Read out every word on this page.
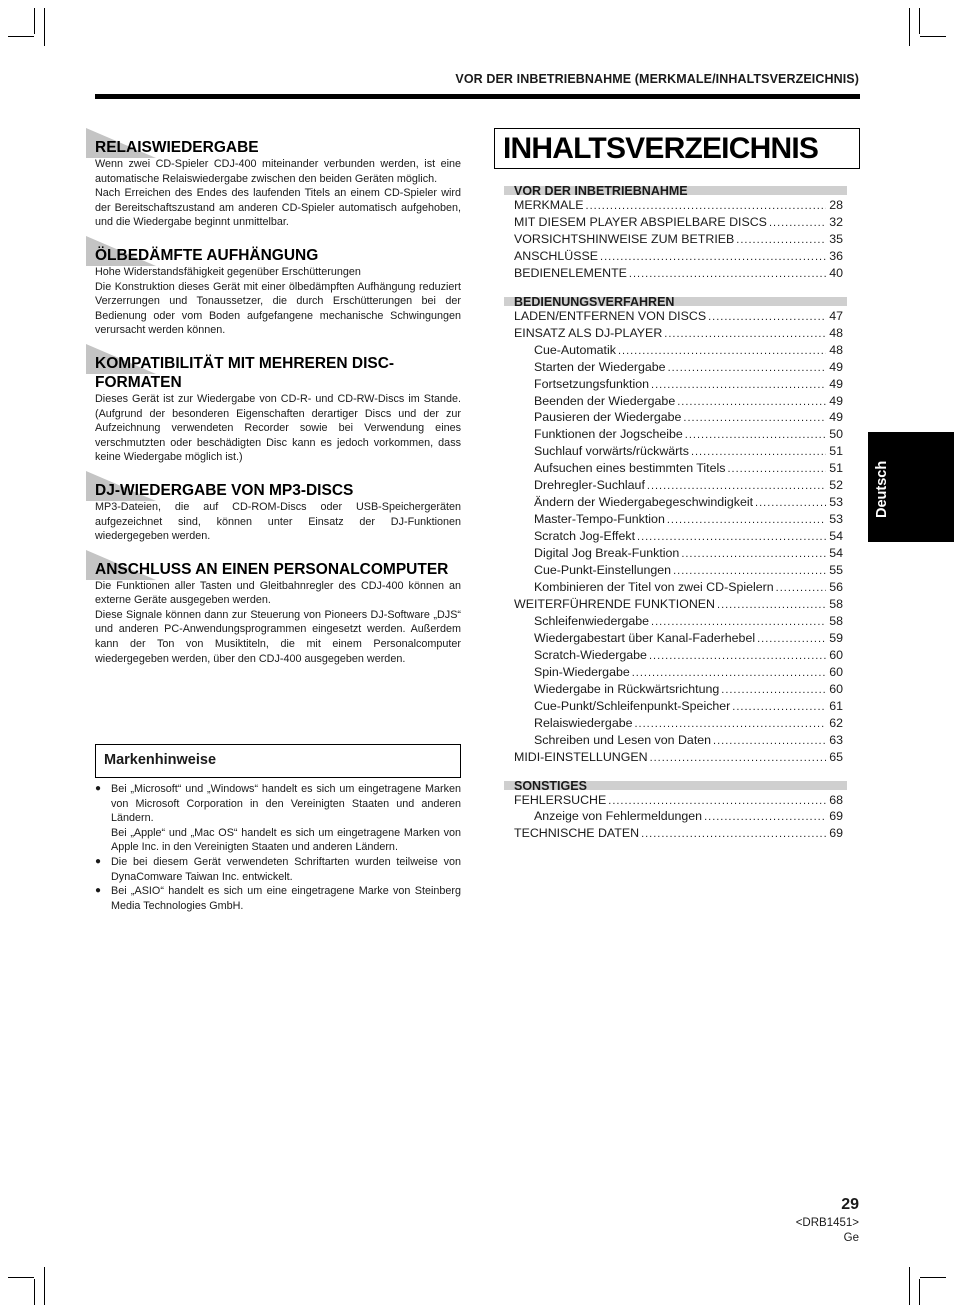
VOR DER INBETRIEBNAHME (MERKMALE/INHALTSVERZEICHNIS)
RELAISWIEDERGABE

Wenn zwei CD-Spieler CDJ-400 miteinander verbunden werden, ist eine automatische Relaiswiedergabe zwischen den beiden Geräten möglich.

Nach Erreichen des Endes des laufenden Titels an einem CD-Spieler wird der Bereitschaftszustand am anderen CD-Spieler automatisch aufgehoben, und die Wiedergabe beginnt unmittelbar.

ÖLBEDÄMFTE AUFHÄNGUNG

Hohe Widerstandsfähigkeit gegenüber Erschütterungen

Die Konstruktion dieses Gerät mit einer ölbedämpften Aufhängung reduziert Verzerrungen und Tonaussetzer, die durch Erschütterungen bei der Bedienung oder vom Boden aufgefangene mechanische Schwingungen verursacht werden können.

KOMPATIBILITÄT MIT MEHREREN DISC-FORMATEN

Dieses Gerät ist zur Wiedergabe von CD-R- und CD-RW-Discs im Stande. (Aufgrund der besonderen Eigenschaften derartiger Discs und der zur Aufzeichnung verwendeten Recorder sowie bei Verwendung eines verschmutzten oder beschädigten Disc kann es jedoch vorkommen, dass keine Wiedergabe möglich ist.)

DJ-WIEDERGABE VON MP3-DISCS

MP3-Dateien, die auf CD-ROM-Discs oder USB-Speichergeräten aufgezeichnet sind, können unter Einsatz der DJ-Funktionen wiedergegeben werden.

ANSCHLUSS AN EINEN PERSONALCOMPUTER

Die Funktionen aller Tasten und Gleitbahnregler des CDJ-400 können an externe Geräte ausgegeben werden.

Diese Signale können dann zur Steuerung von Pioneers DJ-Software „DJS“ und anderen PC-Anwendungsprogrammen eingesetzt werden. Außerdem kann der Ton von Musiktiteln, die mit einem Personalcomputer wiedergegeben werden, über den CDJ-400 ausgegeben werden.

Markenhinweise
● Bei „Microsoft“ und „Windows“ handelt es sich um eingetragene Marken von Microsoft Corporation in den Vereinigten Staaten und anderen Ländern.
Bei „Apple“ und „Mac OS“ handelt es sich um eingetragene Marken von Apple Inc. in den Vereinigten Staaten und anderen Ländern.
● Die bei diesem Gerät verwendeten Schriftarten wurden teilweise von DynaComware Taiwan Inc. entwickelt.
● Bei „ASIO“ handelt es sich um eine eingetragene Marke von Steinberg Media Technologies GmbH.
INHALTSVERZEICHNIS
VOR DER INBETRIEBNAHME
MERKMALE .....	28
MIT DIESEM PLAYER ABSPIELBARE DISCS .....	32
VORSICHTSHINWEISE ZUM BETRIEB .....	35
ANSCHLÜSSE .....	36
BEDIENELEMENTE .....	40
BEDIENUNGSVERFAHREN
LADEN/ENTFERNEN VON DISCS .....	47
EINSATZ ALS DJ-PLAYER .....	48
Cue-Automatik .....	48
Starten der Wiedergabe .....	49
Fortsetzungsfunktion .....	49
Beenden der Wiedergabe .....	49
Pausieren der Wiedergabe .....	49
Funktionen der Jogscheibe .....	50
Suchlauf vorwärts/rückwärts .....	51
Aufsuchen eines bestimmten Titels .....	51
Drehregler-Suchlauf .....	52
Ändern der Wiedergabegeschwindigkeit .....	53
Master-Tempo-Funktion .....	53
Scratch Jog-Effekt .....	54
Digital Jog Break-Funktion .....	54
Cue-Punkt-Einstellungen .....	55
Kombinieren der Titel von zwei CD-Spielern .....	56
WEITERFÜHRENDE FUNKTIONEN .....	58
Schleifenwiedergabe .....	58
Wiedergabestart über Kanal-Faderhebel .....	59
Scratch-Wiedergabe .....	60
Spin-Wiedergabe .....	60
Wiedergabe in Rückwärtsrichtung .....	60
Cue-Punkt/Schleifenpunkt-Speicher .....	61
Relaiswiedergabe .....	62
Schreiben und Lesen von Daten .....	63
MIDI-EINSTELLUNGEN .....	65
SONSTIGES
FEHLERSUCHE .....	68
Anzeige von Fehlermeldungen .....	69
TECHNISCHE DATEN .....	69
Deutsch
29
<DRB1451>
Ge
